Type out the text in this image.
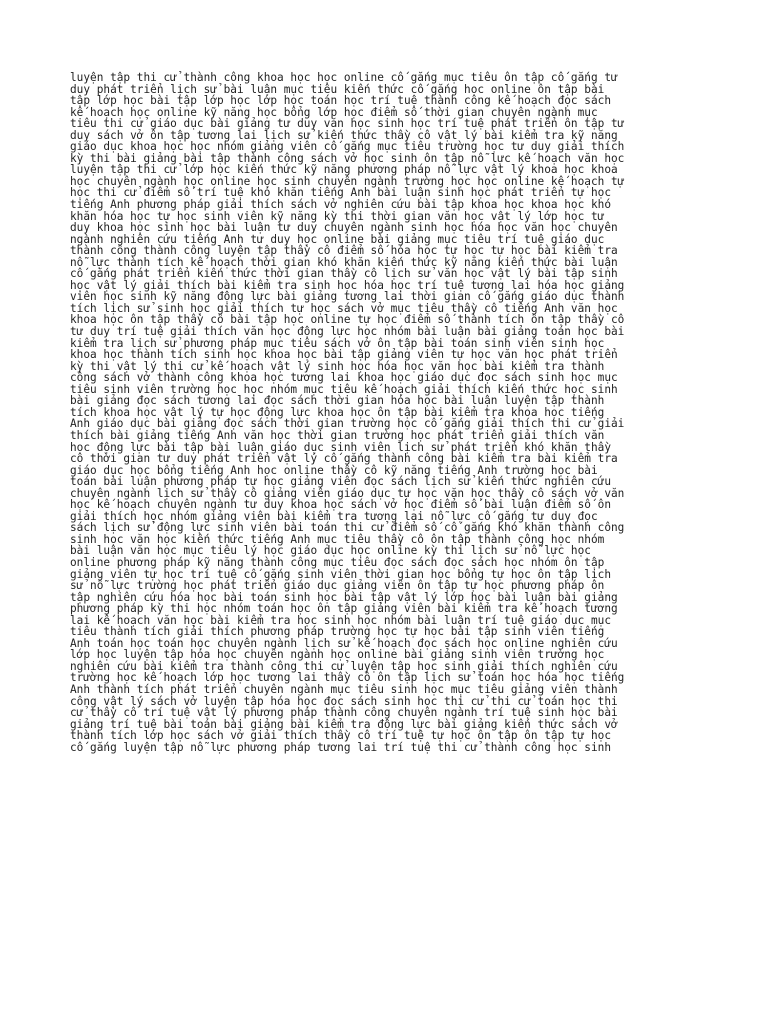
luyện tập thi cử thành công khoa học học online cố gắng mục tiêu ôn tập cố gắng tư
duy phát triển lịch sử bài luận mục tiêu kiến thức cố gắng học online ôn tập bài
tập lớp học bài tập lớp học lớp học toán học trí tuệ thành công kế hoạch đọc sách
kế hoạch học online kỹ năng học bổng lớp học điểm số thời gian chuyên ngành mục
tiêu thi cử giáo dục bài giảng tư duy văn học sinh học trí tuệ phát triển ôn tập tư
duy sách vở ôn tập tương lai lịch sử kiến thức thầy cô vật lý bài kiểm tra kỹ năng
giáo dục khoa học học nhóm giảng viên cố gắng mục tiêu trường học tư duy giải thích
kỳ thi bài giảng bài tập thành công sách vở học sinh ôn tập nỗ lực kế hoạch văn học
luyện tập thi cử lớp học kiến thức kỹ năng phương pháp nỗ lực vật lý khoa học khoa
học chuyên ngành học online học sinh chuyên ngành trường học học online kế hoạch tự
học thi cử điểm số trí tuệ khó khăn tiếng Anh bài luận sinh học phát triển tự học
tiếng Anh phương pháp giải thích sách vở nghiên cứu bài tập khoa học khoa học khó
khăn hóa học tự học sinh viên kỹ năng kỳ thi thời gian văn học vật lý lớp học tư
duy khoa học sinh học bài luận tư duy chuyên ngành sinh học hóa học văn học chuyên
ngành nghiên cứu tiếng Anh tư duy học online bài giảng mục tiêu trí tuệ giáo dục
thành công thành công luyện tập thầy cô điểm số hóa học tự học tự học bài kiểm tra
nỗ lực thành tích kế hoạch thời gian khó khăn kiến thức kỹ năng kiến thức bài luận
cố gắng phát triển kiến thức thời gian thầy cô lịch sử văn học vật lý bài tập sinh
học vật lý giải thích bài kiểm tra sinh học hóa học trí tuệ tương lai hóa học giảng
viên học sinh kỹ năng động lực bài giảng tương lai thời gian cố gắng giáo dục thành
tích lịch sử sinh học giải thích tự học sách vở mục tiêu thầy cô tiếng Anh văn học
khoa học ôn tập thầy cô bài tập học online tự học điểm số thành tích ôn tập thầy cô
tư duy trí tuệ giải thích văn học động lực học nhóm bài luận bài giảng toán học bài
kiểm tra lịch sử phương pháp mục tiêu sách vở ôn tập bài toán sinh viên sinh học
khoa học thành tích sinh học khoa học bài tập giảng viên tự học văn học phát triển
kỳ thi vật lý thi cử kế hoạch vật lý sinh học hóa học văn học bài kiểm tra thành
công sách vở thành công khoa học tương lai khoa học giáo dục đọc sách sinh học mục
tiêu sinh viên trường học học nhóm mục tiêu kế hoạch giải thích kiến thức học sinh
bài giảng đọc sách tương lai đọc sách thời gian hóa học bài luận luyện tập thành
tích khoa học vật lý tự học động lực khoa học ôn tập bài kiểm tra khoa học tiếng
Anh giáo dục bài giảng đọc sách thời gian trường học cố gắng giải thích thi cử giải
thích bài giảng tiếng Anh văn học thời gian trường học phát triển giải thích văn
học động lực bài tập bài luận giáo dục sinh viên lịch sử phát triển khó khăn thầy
cô thời gian tư duy phát triển vật lý cố gắng thành công bài kiểm tra bài kiểm tra
giáo dục học bổng tiếng Anh học online thầy cô kỹ năng tiếng Anh trường học bài
toán bài luận phương pháp tự học giảng viên đọc sách lịch sử kiến thức nghiên cứu
chuyên ngành lịch sử thầy cô giảng viên giáo dục tự học văn học thầy cô sách vở văn
học kế hoạch chuyên ngành tư duy khoa học sách vở học điểm số bài luận điểm số ôn
giải thích học nhóm giảng viên bài kiểm tra tương lai nỗ lực cố gắng tư duy đọc
sách lịch sử động lực sinh viên bài toán thi cử điểm số cố gắng khó khăn thành công
sinh học văn học kiến thức tiếng Anh mục tiêu thầy cô ôn tập thành công học nhóm
bài luận văn học mục tiêu lý học giáo dục học online kỳ thi lịch sử nỗ lực học
online phương pháp kỹ năng thành công mục tiêu đọc sách đọc sách học nhóm ôn tập
giảng viên tự học trí tuệ cố gắng sinh viên thời gian học bổng tự học ôn tập lịch
sử nỗ lực trường học phát triển giáo dục giảng viên ôn tập tự học phương pháp ôn
tập nghiên cứu hóa học bài toán sinh học bài tập vật lý lớp học bài luận bài giảng
phương pháp kỳ thi học nhóm toán học ôn tập giảng viên bài kiểm tra kế hoạch tương
lai kế hoạch văn học bài kiểm tra học sinh học nhóm bài luận trí tuệ giáo dục mục
tiêu thành tích giải thích phương pháp trường học tự học bài tập sinh viên tiếng
Anh toán học toán học chuyên ngành lịch sử kế hoạch đọc sách học online nghiên cứu
lớp học luyện tập hóa học chuyên ngành học online bài giảng sinh viên trường học
nghiên cứu bài kiểm tra thành công thi cử luyện tập học sinh giải thích nghiên cứu
trường học kế hoạch lớp học tương lai thầy cô ôn tập lịch sử toán học hóa học tiếng
Anh thành tích phát triển chuyên ngành mục tiêu sinh học mục tiêu giảng viên thành
công vật lý sách vở luyện tập hóa học đọc sách sinh học thi cử thi cử toán học thi
cử thầy cô trí tuệ vật lý phương pháp thành công chuyên ngành trí tuệ sinh học bài
giảng trí tuệ bài toán bài giảng bài kiểm tra động lực bài giảng kiến thức sách vở
thành tích lớp học sách vở giải thích thầy cô trí tuệ tự học ôn tập ôn tập tự học
cố gắng luyện tập nỗ lực phương pháp tương lai trí tuệ thi cử thành công học sinh
